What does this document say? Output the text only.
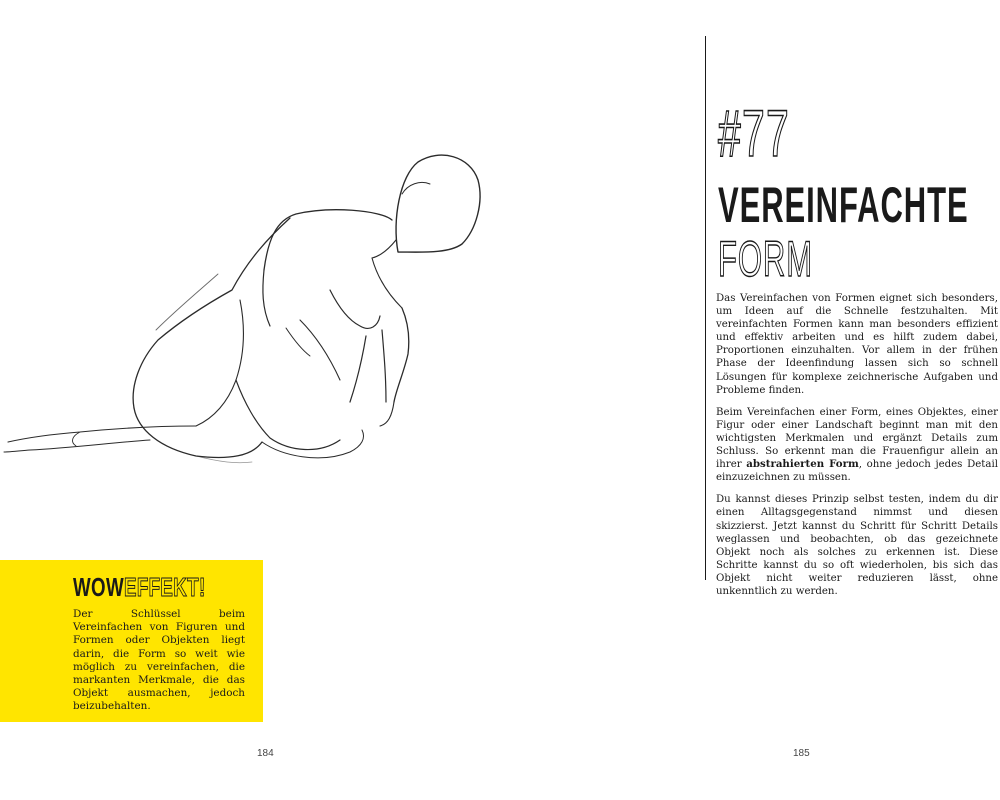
WOWEFFEKT!
Der Schlüssel beim Vereinfachen von Figuren und Formen oder Objekten liegt darin, die Form so weit wie möglich zu vereinfachen, die markanten Merkmale, die das Objekt ausmachen, jedoch beizubehalten.
184
#77
VEREINFACHTE
FORM

Das Vereinfachen von Formen eignet sich besonders, um Ideen auf die Schnelle festzuhalten. Mit vereinfachten Formen kann man besonders effizient und effektiv arbeiten und es hilft zudem dabei, Proportionen einzuhalten. Vor allem in der frühen Phase der Ideenfindung lassen sich so schnell Lösungen für komplexe zeichnerische Aufgaben und Probleme finden.

Beim Vereinfachen einer Form, eines Objektes, einer Figur oder einer Landschaft beginnt man mit den wichtigsten Merkmalen und ergänzt Details zum Schluss. So erkennt man die Frauenfigur allein an ihrer abstrahierten Form, ohne jedoch jedes Detail einzuzeichnen zu müssen.

Du kannst dieses Prinzip selbst testen, indem du dir einen Alltagsgegenstand nimmst und diesen skizzierst. Jetzt kannst du Schritt für Schritt Details weglassen und beobachten, ob das gezeichnete Objekt noch als solches zu erkennen ist. Diese Schritte kannst du so oft wiederholen, bis sich das Objekt nicht weiter reduzieren lässt, ohne unkenntlich zu werden.

185
